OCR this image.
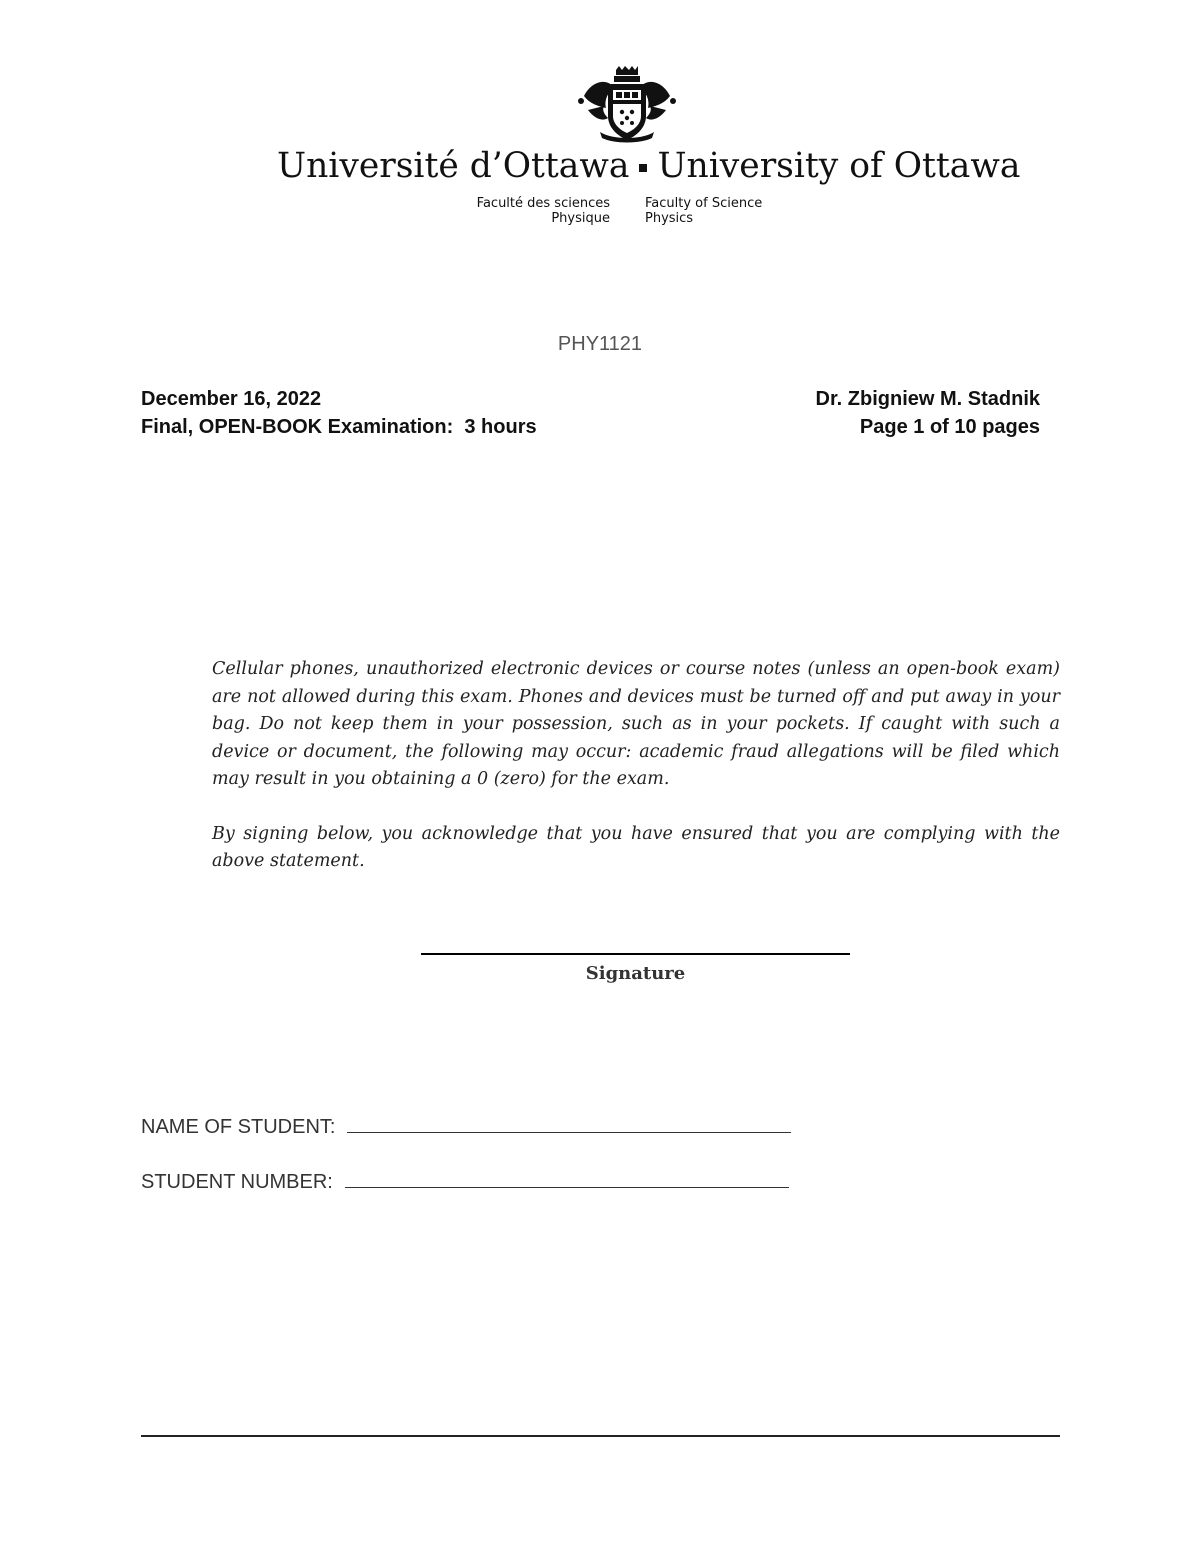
Université d’Ottawa University of Ottawa
Faculté des sciences
Physique
Faculty of Science
Physics
PHY1121
December 16, 2022
Final, OPEN-BOOK Examination:  3 hours
Dr. Zbigniew M. Stadnik
Page 1 of 10 pages

Cellular phones, unauthorized electronic devices or course notes (unless an open-book exam) are not allowed during this exam. Phones and devices must be turned off and put away in your bag. Do not keep them in your possession, such as in your pockets. If caught with such a device or document, the following may occur: academic fraud allegations will be filed which may result in you obtaining a 0 (zero) for the exam.

By signing below, you acknowledge that you have ensured that you are complying with the above statement.

Signature
NAME OF STUDENT:
STUDENT NUMBER:
